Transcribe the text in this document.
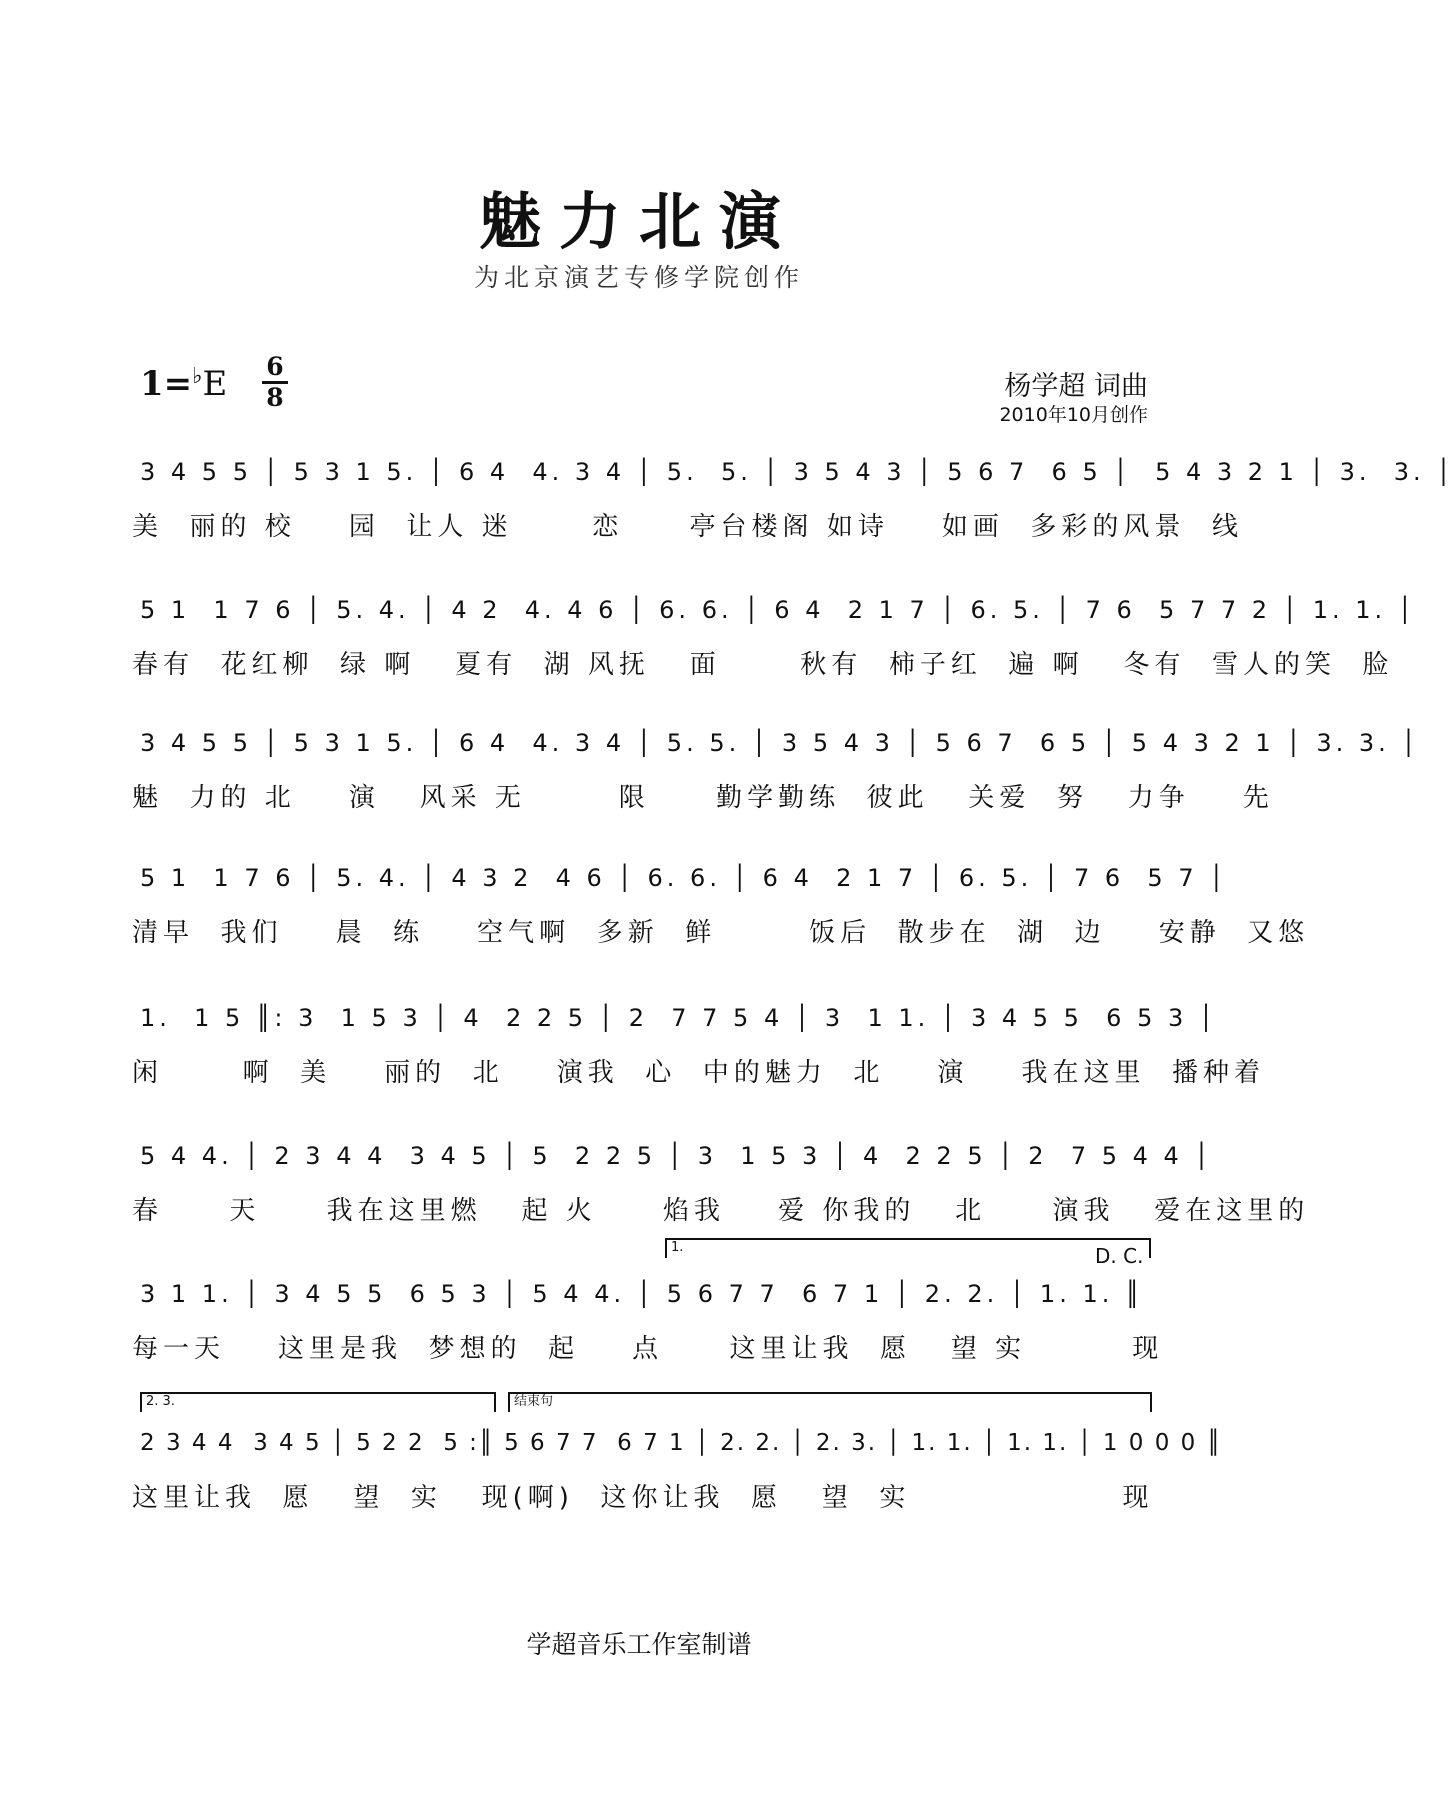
魅力北演
为北京演艺专修学院创作
1=♭E 6
8	杨学超 词曲
2010年10月创作
3 4 5 5 │ 5 3 1 5. │ 6 4  4. 3 4 │ 5.  5. │ 3 5 4 3 │ 5 6 7  6 5 │  5 4 3 2 1 │ 3.  3. │
美  丽的 校    园  让人 迷      恋     亭台楼阁 如诗    如画  多彩的风景  线
5 1  1 7 6 │ 5. 4. │ 4 2  4. 4 6 │ 6. 6. │ 6 4  2 1 7 │ 6. 5. │ 7 6  5 7 7 2 │ 1. 1. │
春有  花红柳  绿 啊   夏有  湖 风抚   面      秋有  柿子红  遍 啊   冬有  雪人的笑  脸
3 4 5 5 │ 5 3 1 5. │ 6 4  4. 3 4 │ 5. 5. │ 3 5 4 3 │ 5 6 7  6 5 │ 5 4 3 2 1 │ 3. 3. │
魅  力的 北    演   风采 无       限     勤学勤练  彼此   关爱  努   力争    先
5 1  1 7 6 │ 5. 4. │ 4 3 2  4 6 │ 6. 6. │ 6 4  2 1 7 │ 6. 5. │ 7 6  5 7 │
清早  我们    晨  练    空气啊  多新  鲜       饭后  散步在  湖  边    安静  又悠
1.  1 5 ║: 3  1 5 3 │ 4  2 2 5 │ 2  7 7 5 4 │ 3  1 1. │ 3 4 5 5  6 5 3 │
闲      啊  美    丽的  北    演我  心  中的魅力  北    演    我在这里  播种着
5 4 4. │ 2 3 4 4  3 4 5 │ 5  2 2 5 │ 3  1 5 3 │ 4  2 2 5 │ 2  7 5 4 4 │
春     天     我在这里燃   起 火     焰我    爱 你我的   北     演我   爱在这里的
1.	D. C.
3 1 1. │ 3 4 5 5  6 5 3 │ 5 4 4. │ 5 6 7 7  6 7 1 │ 2. 2. │ 1. 1. ║
每一天    这里是我  梦想的  起    点     这里让我  愿   望 实        现
2. 3.	结束句
2 3 4 4  3 4 5 │ 5 2 2  5 :║ 5 6 7 7  6 7 1 │ 2. 2. │ 2. 3. │ 1. 1. │ 1. 1. │ 1 0 0 0 ║
这里让我  愿   望  实   现(啊)  这你让我  愿   望  实                现
学超音乐工作室制谱
